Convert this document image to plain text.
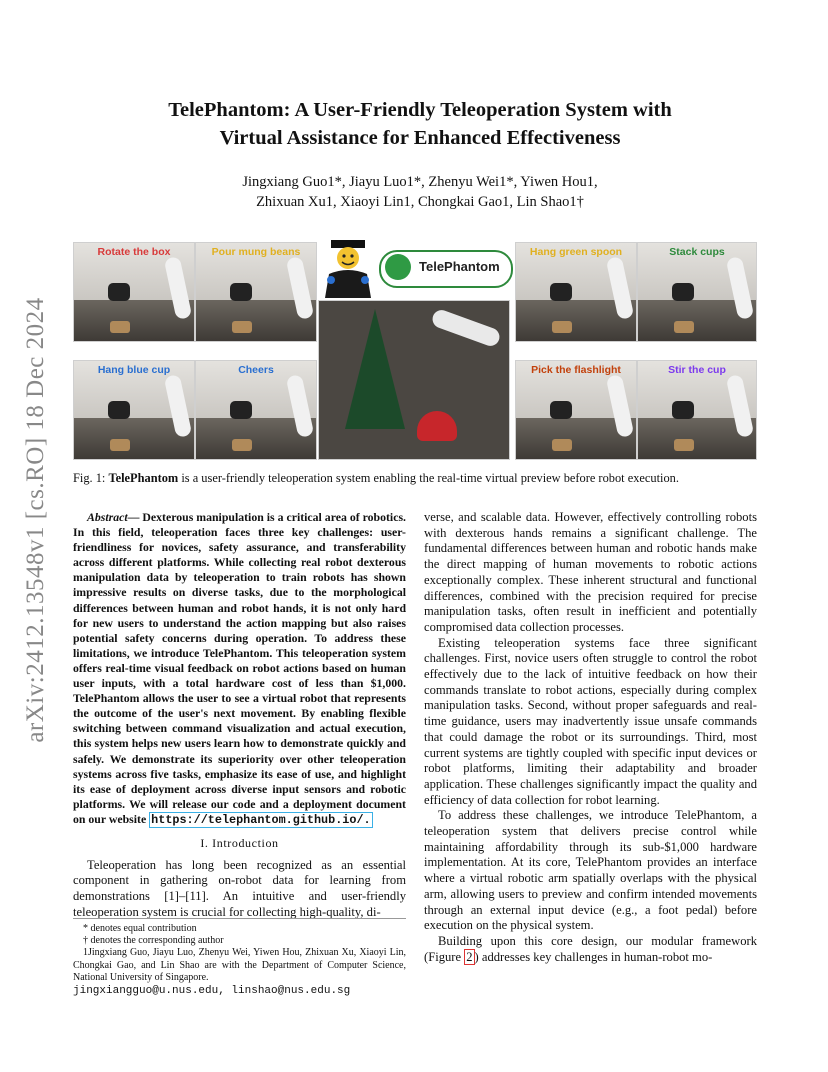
arXiv:2412.13548v1 [cs.RO] 18 Dec 2024
TelePhantom: A User-Friendly Teleoperation System with
Virtual Assistance for Enhanced Effectiveness
Jingxiang Guo1*, Jiayu Luo1*, Zhenyu Wei1*, Yiwen Hou1,
Zhixuan Xu1, Xiaoyi Lin1, Chongkai Gao1, Lin Shao1†
Rotate the box	Pour mung beans	Hang green spoon	Stack cups
Hang blue cup	Cheers	Pick the flashlight	Stir the cup
TelePhantom
Fig. 1: TelePhantom is a user-friendly teleoperation system enabling the real-time virtual preview before robot execution.

Abstract— Dexterous manipulation is a critical area of robotics. In this field, teleoperation faces three key challenges: user-friendliness for novices, safety assurance, and transferability across different platforms. While collecting real robot dexterous manipulation data by teleoperation to train robots has shown impressive results on diverse tasks, due to the morphological differences between human and robot hands, it is not only hard for new users to understand the action mapping but also raises potential safety concerns during operation. To address these limitations, we introduce TelePhantom. This teleoperation system offers real-time visual feedback on robot actions based on human user inputs, with a total hardware cost of less than $1,000. TelePhantom allows the user to see a virtual robot that represents the outcome of the user's next movement. By enabling flexible switching between command visualization and actual execution, this system helps new users learn how to demonstrate quickly and safely. We demonstrate its superiority over other teleoperation systems across five tasks, emphasize its ease of use, and highlight its ease of deployment across diverse input sensors and robotic platforms. We will release our code and a deployment document on our website https://telephantom.github.io/.

I. Introduction

Teleoperation has long been recognized as an essential component in gathering on-robot data for learning from demonstrations [1]–[11]. An intuitive and user-friendly teleoperation system is crucial for collecting high-quality, di-

* denotes equal contribution

† denotes the corresponding author

1Jingxiang Guo, Jiayu Luo, Zhenyu Wei, Yiwen Hou, Zhixuan Xu, Xiaoyi Lin, Chongkai Gao, and Lin Shao are with the Department of Computer Science, National University of Singapore.

jingxiangguo@u.nus.edu, linshao@nus.edu.sg

verse, and scalable data. However, effectively controlling robots with dexterous hands remains a significant challenge. The fundamental differences between human and robotic hands make the direct mapping of human movements to robotic actions exceptionally complex. These inherent structural and functional differences, combined with the precision required for precise manipulation tasks, often result in inefficient and potentially compromised data collection processes.

Existing teleoperation systems face three significant challenges. First, novice users often struggle to control the robot effectively due to the lack of intuitive feedback on how their commands translate to robot actions, especially during complex manipulation tasks. Second, without proper safeguards and real-time guidance, users may inadvertently issue unsafe commands that could damage the robot or its surroundings. Third, most current systems are tightly coupled with specific input devices or robot platforms, limiting their adaptability and broader application. These challenges significantly impact the quality and efficiency of data collection for robot learning.

To address these challenges, we introduce TelePhantom, a teleoperation system that delivers precise control while maintaining affordability through its sub-$1,000 hardware implementation. At its core, TelePhantom provides an interface where a virtual robotic arm spatially overlaps with the physical arm, allowing users to preview and confirm intended movements through an external input device (e.g., a foot pedal) before execution on the physical system.

Building upon this core design, our modular framework (Figure 2 ) addresses key challenges in human-robot mo-
